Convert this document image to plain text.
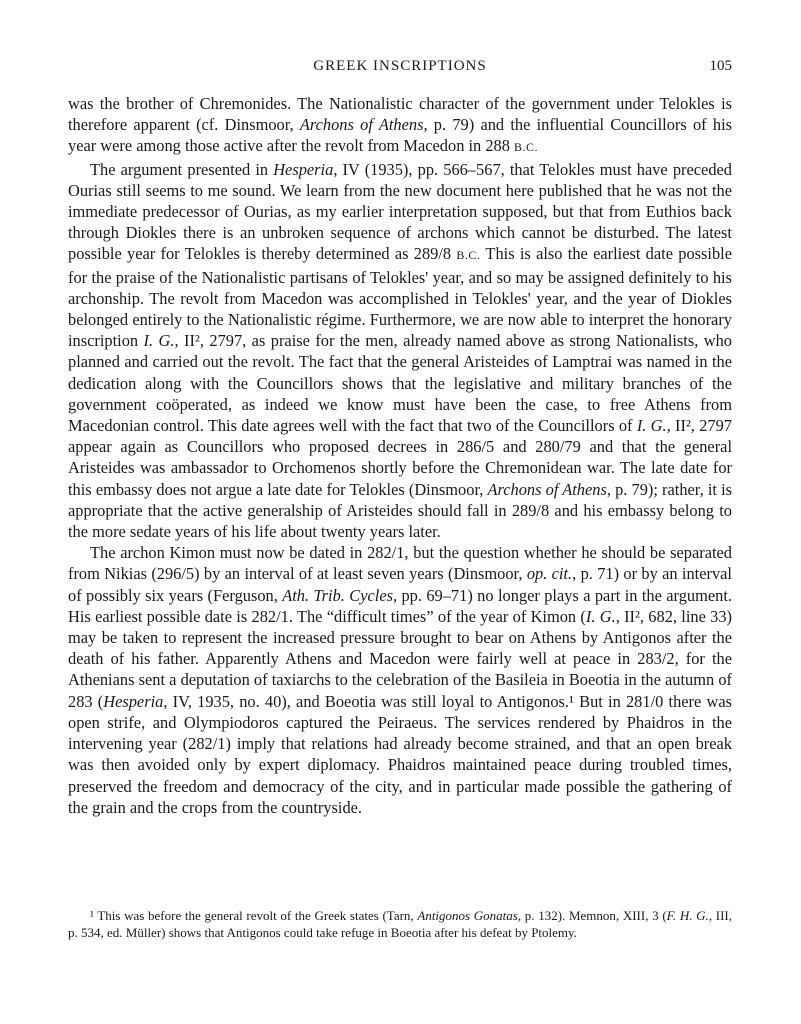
GREEK INSCRIPTIONS	105

was the brother of Chremonides. The Nationalistic character of the government under Telokles is therefore apparent (cf. Dinsmoor, Archons of Athens, p. 79) and the influential Councillors of his year were among those active after the revolt from Macedon in 288 B.C.

The argument presented in Hesperia, IV (1935), pp. 566–567, that Telokles must have preceded Ourias still seems to me sound. We learn from the new document here published that he was not the immediate predecessor of Ourias, as my earlier interpretation supposed, but that from Euthios back through Diokles there is an unbroken sequence of archons which cannot be disturbed. The latest possible year for Telokles is thereby determined as 289/8 B.C. This is also the earliest date possible for the praise of the Nationalistic partisans of Telokles' year, and so may be assigned definitely to his archonship. The revolt from Macedon was accomplished in Telokles' year, and the year of Diokles belonged entirely to the Nationalistic régime. Furthermore, we are now able to interpret the honorary inscription I. G., II², 2797, as praise for the men, already named above as strong Nationalists, who planned and carried out the revolt. The fact that the general Aristeides of Lamptrai was named in the dedication along with the Councillors shows that the legislative and military branches of the government coöperated, as indeed we know must have been the case, to free Athens from Macedonian control. This date agrees well with the fact that two of the Councillors of I. G., II², 2797 appear again as Councillors who proposed decrees in 286/5 and 280/79 and that the general Aristeides was ambassador to Orchomenos shortly before the Chremonidean war. The late date for this embassy does not argue a late date for Telokles (Dinsmoor, Archons of Athens, p. 79); rather, it is appropriate that the active generalship of Aristeides should fall in 289/8 and his embassy belong to the more sedate years of his life about twenty years later.

The archon Kimon must now be dated in 282/1, but the question whether he should be separated from Nikias (296/5) by an interval of at least seven years (Dinsmoor, op. cit., p. 71) or by an interval of possibly six years (Ferguson, Ath. Trib. Cycles, pp. 69–71) no longer plays a part in the argument. His earliest possible date is 282/1. The “difficult times” of the year of Kimon (I. G., II², 682, line 33) may be taken to represent the increased pressure brought to bear on Athens by Antigonos after the death of his father. Apparently Athens and Macedon were fairly well at peace in 283/2, for the Athenians sent a deputation of taxiarchs to the celebration of the Basileia in Boeotia in the autumn of 283 (Hesperia, IV, 1935, no. 40), and Boeotia was still loyal to Antigonos.¹ But in 281/0 there was open strife, and Olympiodoros captured the Peiraeus. The services rendered by Phaidros in the intervening year (282/1) imply that relations had already become strained, and that an open break was then avoided only by expert diplomacy. Phaidros maintained peace during troubled times, preserved the freedom and democracy of the city, and in particular made possible the gathering of the grain and the crops from the countryside.

¹ This was before the general revolt of the Greek states (Tarn, Antigonos Gonatas, p. 132). Memnon, XIII, 3 (F. H. G., III, p. 534, ed. Müller) shows that Antigonos could take refuge in Boeotia after his defeat by Ptolemy.
